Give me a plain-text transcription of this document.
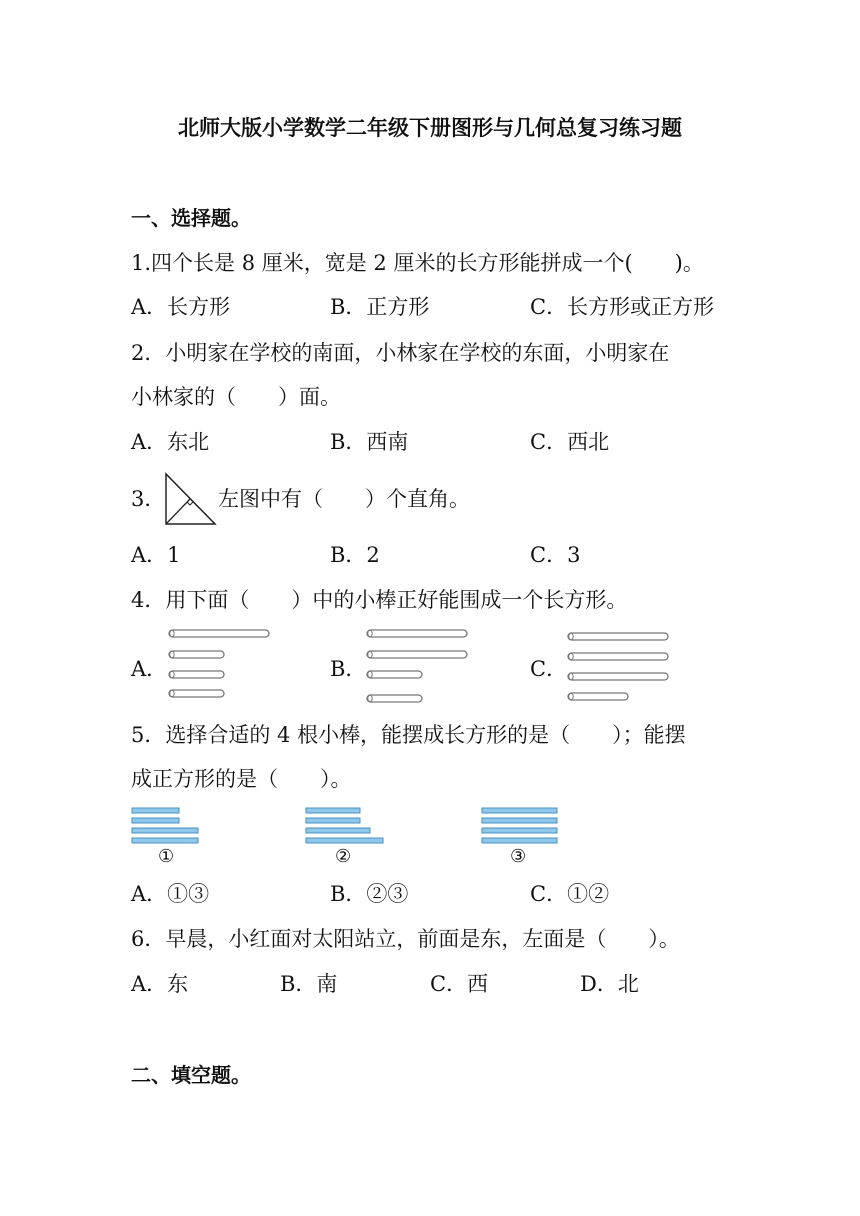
北师大版小学数学二年级下册图形与几何总复习练习题
一、选择题。
1.四个长是 8 厘米，宽是 2 厘米的长方形能拼成一个(　　)。
A．长方形	B．正方形	C．长方形或正方形
2．小明家在学校的南面，小林家在学校的东面，小明家在
小林家的（　　）面。
A．东北	B．西南	C．西北
3．	左图中有（　　）个直角。
A．1	B．2	C．3
4．用下面（　　）中的小棒正好能围成一个长方形。
A．	B．	C．
5．选择合适的 4 根小棒，能摆成长方形的是（　　）；能摆
成正方形的是（　　）。
①	②	③
A．①③	B．②③	C．①②
6．早晨，小红面对太阳站立，前面是东，左面是（　　）。
A．东	B．南	C．西	D．北
二、填空题。
